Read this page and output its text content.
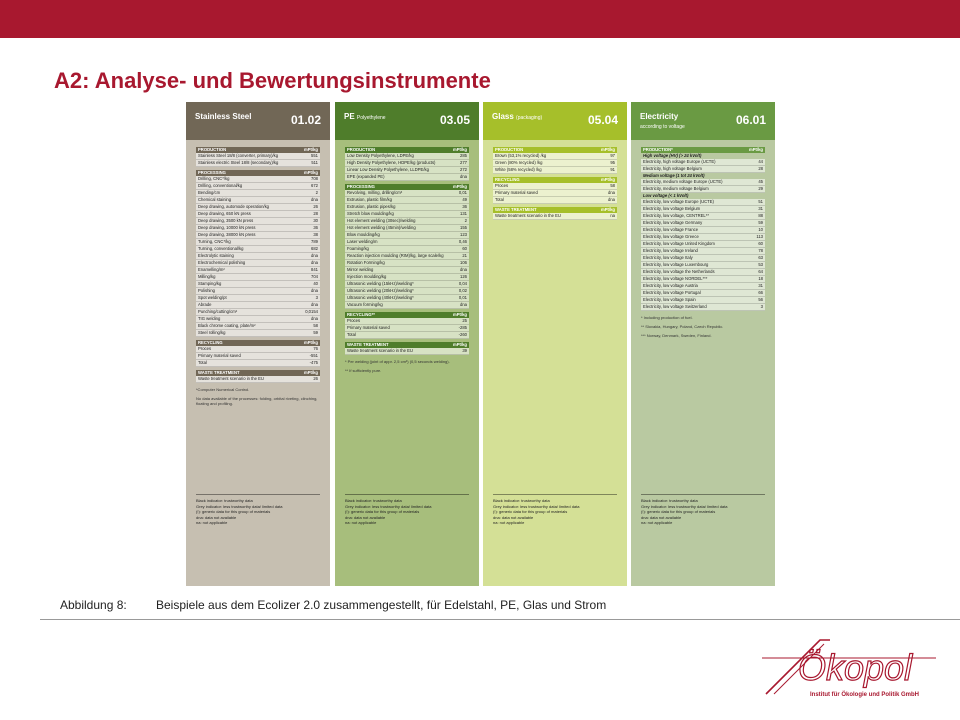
A2: Analyse- und Bewertungsinstrumente
Stainless Steel	01.02
PRODUCTION	mPt/kg
Stainless Steel 18/8 (converter, primary)/kg	551
Stainless electric Steel 18/8 (secondary)/kg	511
PROCESSING	mPt/kg
Drilling, CNC*/kg	708
Drilling, conventional/kg	672
Bending/cm	2
Chemical staining	dna
Deep drawing, automode operation/kg	26
Deep drawing, 650 kN press	28
Deep drawing, 3500 kN press	30
Deep drawing, 10000 kN press	36
Deep drawing, 38000 kN press	38
Turning, CNC*/kg	789
Turning, conventional/kg	682
Electrolytic staining	dna
Electrochemical polishing	dna
Enamelling/m²	841
Milling/kg	704
Stamping/kg	40
Polishing	dna
Spot welding/pt	3
Abrade	dna
Punching/cutting/cm²	0,0154
TIG welding	dna
Black chrome coating, plate/m²	58
Steel rolling/kg	59
RECYCLING	mPt/kg
Proces	76
Primary material saved	-551
Total	-475
WASTE TREATMENT	mPt/kg
Waste treatment scenario in the EU	26
*Computer Numerical Control.
No data available of the processes: folding, orbital riveting, clinching, floating and profiling.
Black indicator: trustworthy data
Grey indicator: less trustworthy data/ limited data
(!): generic data for this group of materials
dna: data not available
na: not applicable
PE Polyethylene	03.05
PRODUCTION	mPt/kg
Low Density Polyethylene, LDPE/kg	285
High Density Polyethylene, HDPE/kg (products)	277
Linear Low Density Polyethylene, LLDPE/kg	272
EPE (expanded PE)	dna
PROCESSING	mPt/kg
Revolving, milling, drilling/cm³	0,01
Extrusion, plastic film/kg	49
Extrusion, plastic pipes/kg	36
Stretch blow moulding/kg	131
Hot element welding (30sec)/welding	2
Hot element welding (45min)/welding	155
Blow moulding/kg	123
Laser welding/m	0,46
Foaming/kg	60
Reaction injection moulding (RIM)/kg, large scale/kg	21
Rotation Forming/kg	106
Mirror welding	dna
Injection moulding/kg	126
Ultrasonic welding (15kHz)/welding*	0,04
Ultrasonic welding (20kHz)/welding*	0,02
Ultrasonic welding (40kHz)/welding*	0,01
Vacuum forming/kg	dna
RECYCLING**	mPt/kg
Proces	25
Primary material saved	-285
Total	-260
WASTE TREATMENT	mPt/kg
Waste treatment scenario in the EU	39
* Per welding (joint of appr. 2,5 cm²) (0,5 seconds welding).
** If sufficiently pure.
Black indicator: trustworthy data
Grey indicator: less trustworthy data/ limited data
(!): generic data for this group of materials
dna: data not available
na: not applicable
Glass (packaging)	05.04
PRODUCTION	mPt/kg
Brown (53,1% recycled) /kg	97
Green (80% recycled) /kg	95
White (58% recycled) /kg	91
RECYCLING	mPt/kg
Proces	58
Primary material saved	dna
Total	dna
WASTE TREATMENT	mPt/kg
Waste treatment scenario in the EU	na
Black indicator: trustworthy data
Grey indicator: less trustworthy data/ limited data
(!): generic data for this group of materials
dna: data not available
na: not applicable
Electricity
according to voltage	06.01
PRODUCTION*	mPt/kg
High voltage (HV) (> 24 kVolt)
Electricity, high voltage Europe (UCTE)	44
Electricity, high voltage Belgium	28
Medium voltage (1 tot 24 kVolt)
Electricity, medium voltage Europe (UCTE)	45
Electricity, medium voltage Belgium	29
Low voltage (< 1 kVolt)
Electricity, low voltage Europe (UCTE)	51
Electricity, low voltage Belgium	31
Electricity, low voltage, CENTREL**	88
Electricity, low voltage Germany	59
Electricity, low voltage France	10
Electricity, low voltage Greece	113
Electricity, low voltage United Kingdom	60
Electricity, low voltage Ireland	78
Electricity, low voltage Italy	63
Electricity, low voltage Luxembourg	53
Electricity, low voltage the Netherlands	64
Electricity, low voltage NORDEL***	18
Electricity, low voltage Austria	31
Electricity, low voltage Portugal	66
Electricity, low voltage Spain	56
Electricity, low voltage Switzerland	3
* Including production of fuel.
** Slovakia, Hungary, Poland, Czech Republic.
*** Norway, Denmark, Sweden, Finland.
Black indicator: trustworthy data
Grey indicator: less trustworthy data/ limited data
(!): generic data for this group of materials
dna: data not available
na: not applicable
Abbildung 8: Beispiele aus dem Ecolizer 2.0 zusammengestellt, für Edelstahl, PE, Glas und Strom
Ökopol
Institut für Ökologie und Politik GmbH
